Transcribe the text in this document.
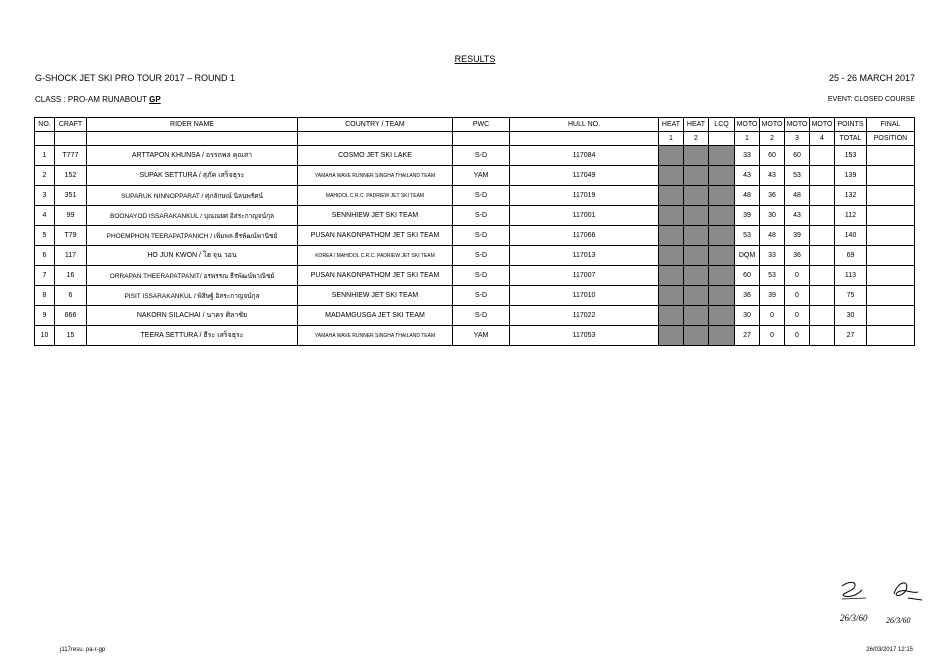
RESULTS
G-SHOCK JET SKI PRO TOUR 2017 – ROUND 1	25 - 26 MARCH 2017
CLASS : PRO-AM RUNABOUT GP	EVENT: CLOSED COURSE
NO.	CRAFT	RIDER NAME	COUNTRY / TEAM	PWC	HULL NO.	HEAT	HEAT	LCQ	MOTO	MOTO	MOTO	MOTO	POINTS	FINAL
						1	2		1	2	3	4	TOTAL	POSITION
1	T777	ARTTAPON KHUNSA / อรรถพล คุณสา	COSMO JET SKI LAKE	S-D	117084				33	60	60		153	
2	152	SUPAK SETTURA / สุภัค เสร็จธุระ	YAMAHA WAVE RUNNER SINGHA THAILAND TEAM	YAM	117049				43	43	53		139	
3	351	SUPARUK NINNOPPARAT / ศุภลักษณ์ นิลนพรัตน์	MAHIDOL C.R.C. PADRIEW JET SKI TEAM	S-D	117019				48	36	48		132	
4	99	BOONAYOD ISSARAKANKUL / บุณณยศ อิสระกาญจน์กุล	SENNHIEW JET SKI TEAM	S-D	117001				39	30	43		112	
5	T79	PHOEMPHON TEERAPATPANICH / เพิ่มพล ธีรพัฒน์พานิชย์	PUSAN NAKONPATHOM JET SKI TEAM	S-D	117066				53	48	39		140	
6	117	HO JUN KWON / โฮ จุน วอน	KOREA / MAHIDOL C.R.C. PADRIEW JET SKI TEAM	S-D	117013				DQM	33	36		69	
7	16	ORRAPAN THEERAPATPANIT/ อรพรรณ ธีรพัฒน์พาณิชย์	PUSAN NAKONPATHOM JET SKI TEAM	S-D	117007				60	53	0		113	
8	6	PISIT ISSARAKANKUL / พิสิษฐ์ อิสระกาญจน์กุล	SENNHIEW JET SKI TEAM	S-D	117010				36	39	0		75	
9	666	NAKORN SILACHAI / นาคร ศิลาชัย	MADAMGUSGA JET SKI TEAM	S-D	117022				30	0	0		30	
10	15	TEERA SETTURA / ธีระ เสร็จธุระ	YAMAHA WAVE RUNNER SINGHA THAILAND TEAM	YAM	117053				27	0	0		27	
26/3/60 26/3/60
j117resu. pa-r-gp	26/03/2017 12:15
